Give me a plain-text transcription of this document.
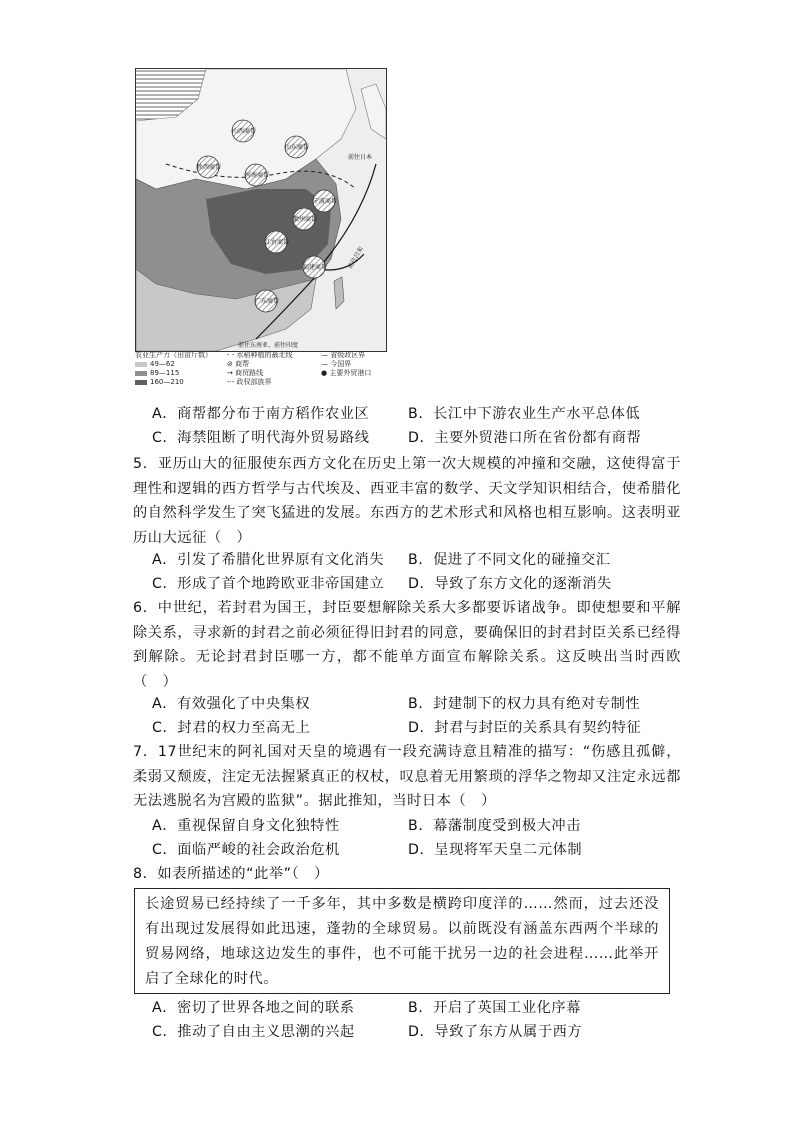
山西商帮
山东商帮
陕西商帮
河南商帮
宁波商帮
徽州商帮
江右商帮
福建商帮
广东商帮
前往日本
前往吕宋
前往东南亚、前往印度
农业生产力（田亩斤数）
49—62
89—115
160—210
- - 水稻种植的最北线
⊘ 商帮
→ 商贸路线
-·- 政权部族界
— 省级政区界
— 今国界
● 主要外贸港口
A．商帮都分布于南方稻作农业区	B．长江中下游农业生产水平总体低
C．海禁阻断了明代海外贸易路线	D．主要外贸港口所在省份都有商帮
5．亚历山大的征服使东西方文化在历史上第一次大规模的冲撞和交融，这使得富于理性和逻辑的西方哲学与古代埃及、西亚丰富的数学、天文学知识相结合，使希腊化的自然科学发生了突飞猛进的发展。东西方的艺术形式和风格也相互影响。这表明亚历山大远征（　）
A．引发了希腊化世界原有文化消失 B．促进了不同文化的碰撞交汇
C．形成了首个地跨欧亚非帝国建立 D．导致了东方文化的逐渐消失
6．中世纪，若封君为国王，封臣要想解除关系大多都要诉诸战争。即使想要和平解除关系，寻求新的封君之前必须征得旧封君的同意，要确保旧的封君封臣关系已经得到解除。无论封君封臣哪一方，都不能单方面宣布解除关系。这反映出当时西欧（　）
A．有效强化了中央集权	B．封建制下的权力具有绝对专制性
C．封君的权力至高无上	D．封君与封臣的关系具有契约特征
7．17世纪末的阿礼国对天皇的境遇有一段充满诗意且精准的描写：“伤感且孤僻，柔弱又颓废，注定无法握紧真正的权杖，叹息着无用繁琐的浮华之物却又注定永远都无法逃脱名为宫殿的监狱”。据此推知，当时日本（　）
A．重视保留自身文化独特性	B．幕藩制度受到极大冲击
C．面临严峻的社会政治危机	D．呈现将军天皇二元体制
8．如表所描述的“此举”（　）
长途贸易已经持续了一千多年，其中多数是横跨印度洋的……然而，过去还没有出现过发展得如此迅速，蓬勃的全球贸易。以前既没有涵盖东西两个半球的贸易网络，地球这边发生的事件，也不可能干扰另一边的社会进程……此举开启了全球化的时代。
A．密切了世界各地之间的联系	B．开启了英国工业化序幕
C．推动了自由主义思潮的兴起	D．导致了东方从属于西方
